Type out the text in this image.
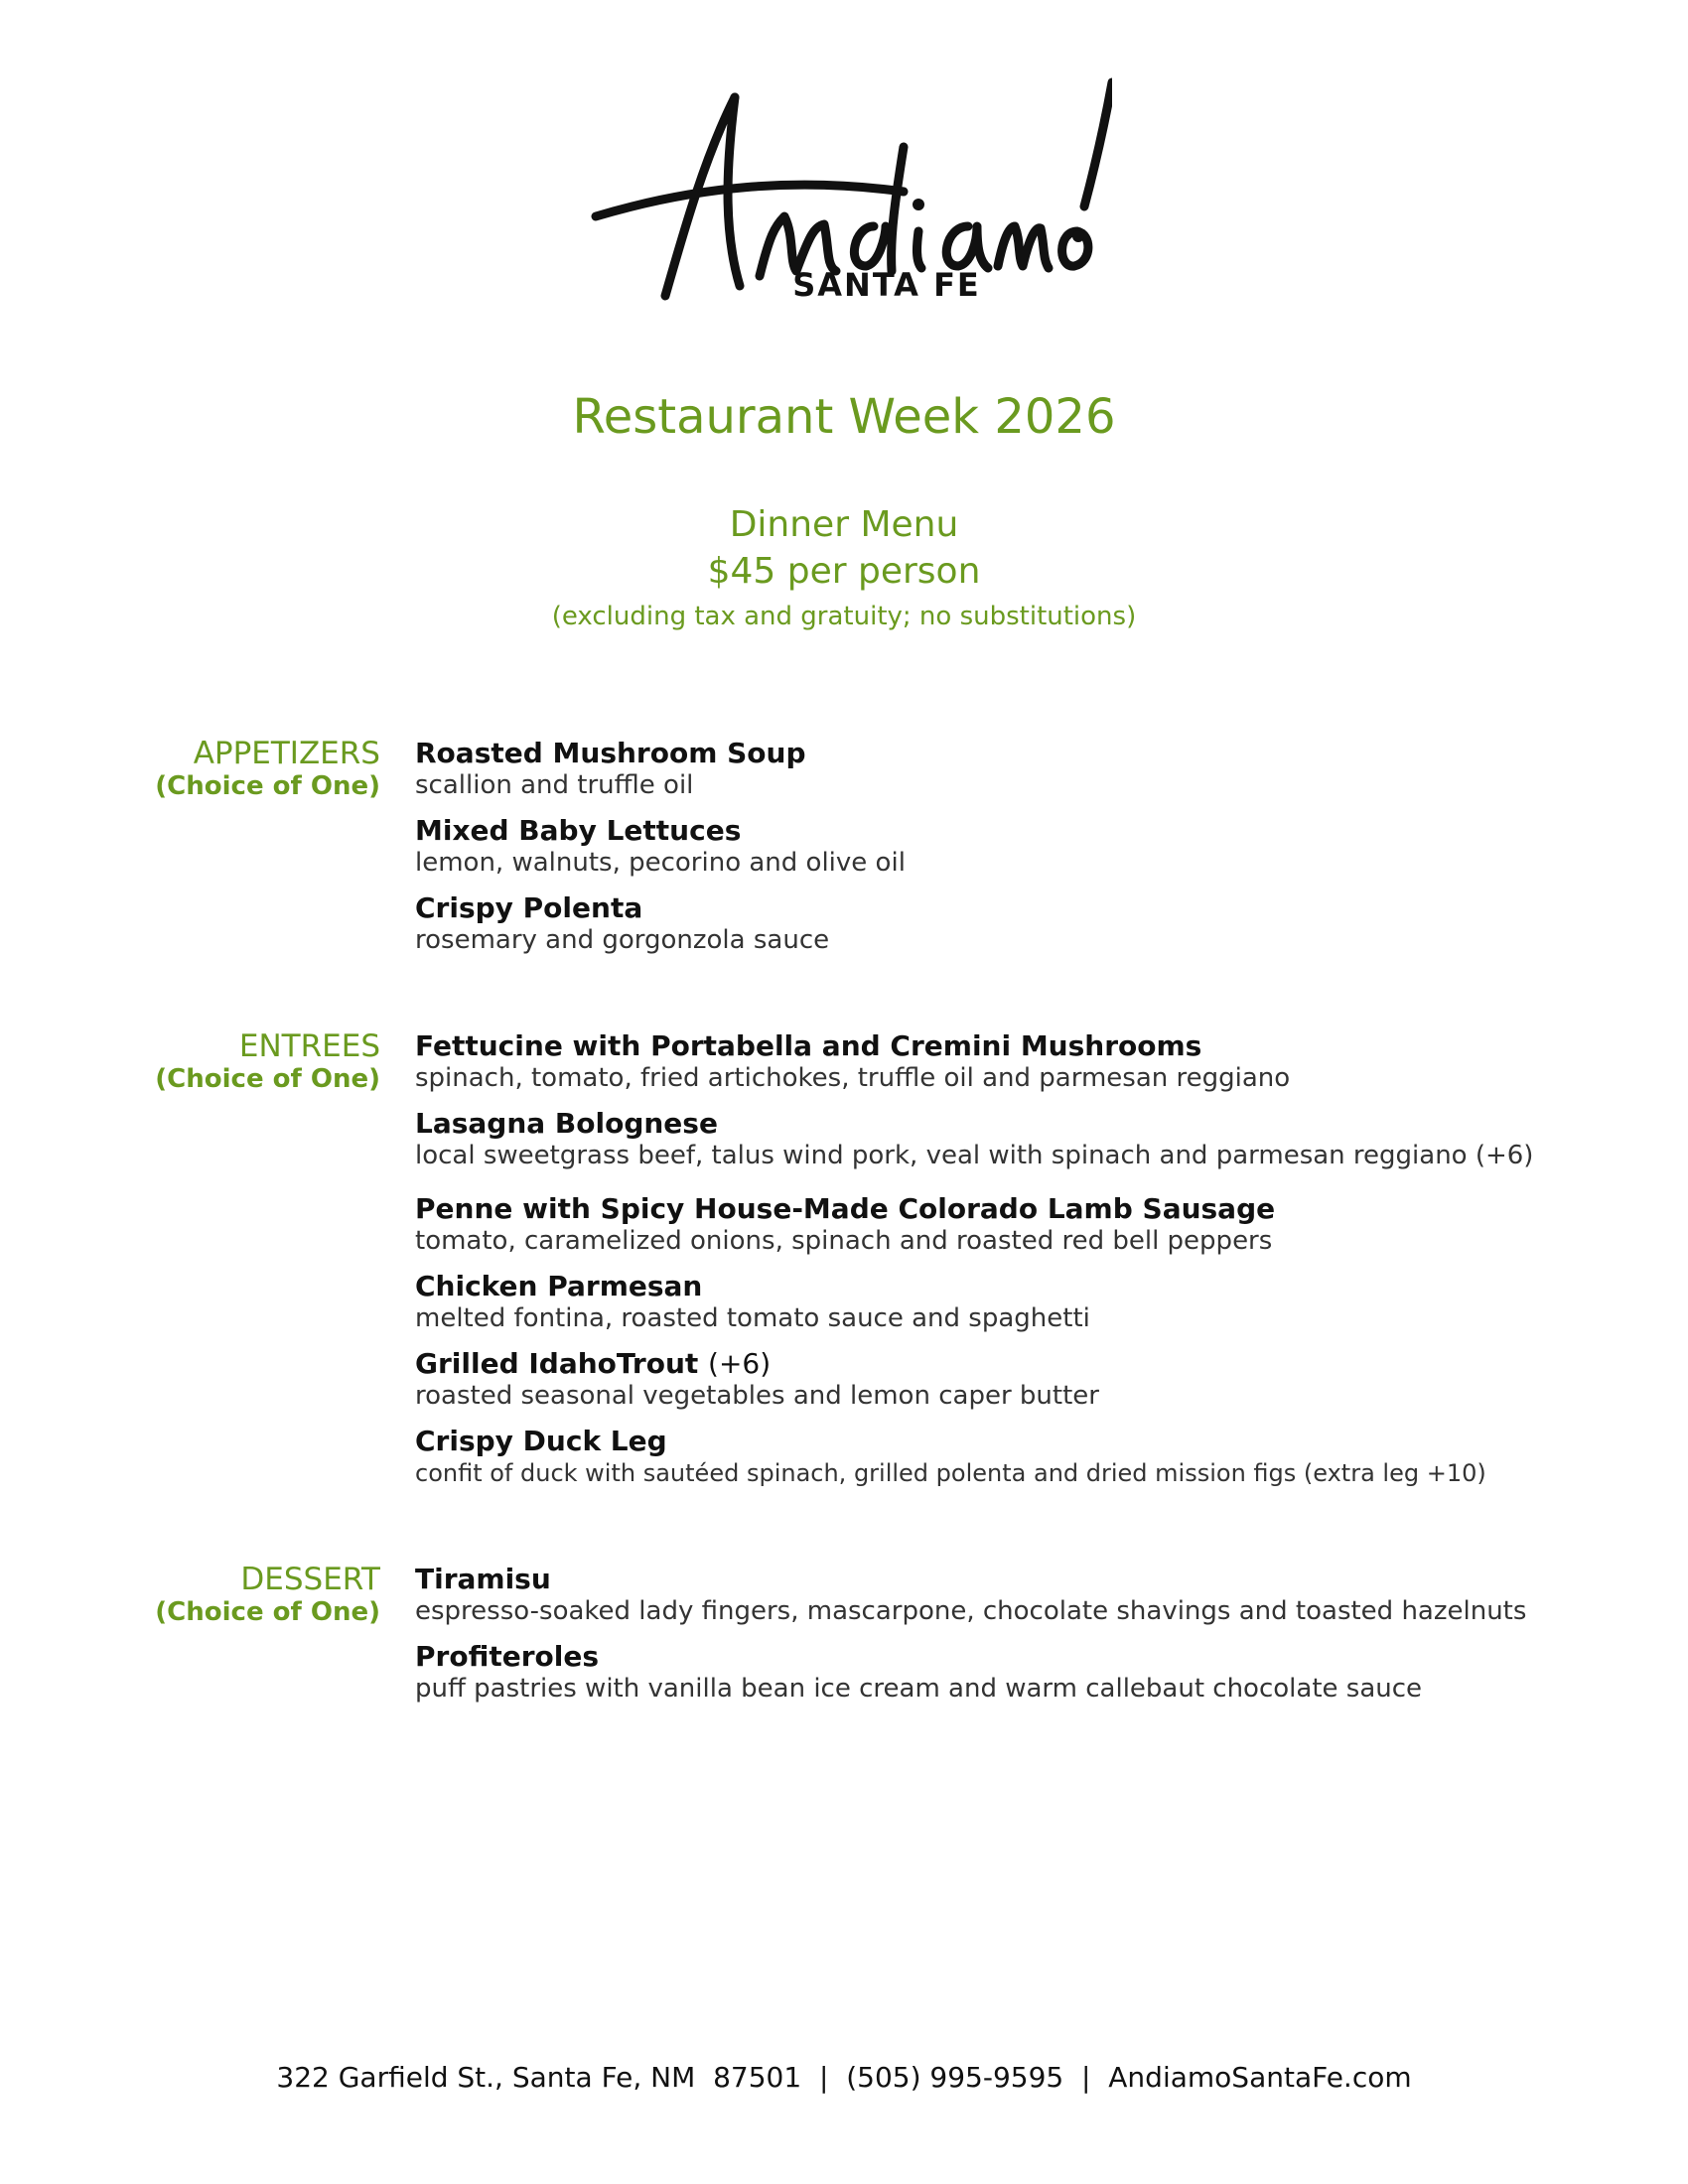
SANTA FE
Restaurant Week 2026
Dinner Menu
$45 per person
(excluding tax and gratuity; no substitutions)
APPETIZERS
(Choice of One)
Roasted Mushroom Soup
scallion and truffle oil
Mixed Baby Lettuces
lemon, walnuts, pecorino and olive oil
Crispy Polenta
rosemary and gorgonzola sauce
ENTREES
(Choice of One)
Fettucine with Portabella and Cremini Mushrooms
spinach, tomato, fried artichokes, truffle oil and parmesan reggiano
Lasagna Bolognese
local sweetgrass beef, talus wind pork, veal with spinach and parmesan reggiano (+6)
Penne with Spicy House-Made Colorado Lamb Sausage
tomato, caramelized onions, spinach and roasted red bell peppers
Chicken Parmesan
melted fontina, roasted tomato sauce and spaghetti
Grilled IdahoTrout (+6)
roasted seasonal vegetables and lemon caper butter
Crispy Duck Leg
confit of duck with sautéed spinach, grilled polenta and dried mission figs (extra leg +10)
DESSERT
(Choice of One)
Tiramisu
espresso-soaked lady fingers, mascarpone, chocolate shavings and toasted hazelnuts
Profiteroles
puff pastries with vanilla bean ice cream and warm callebaut chocolate sauce
322 Garfield St., Santa Fe, NM  87501 | (505) 995-9595 | AndiamoSantaFe.com
